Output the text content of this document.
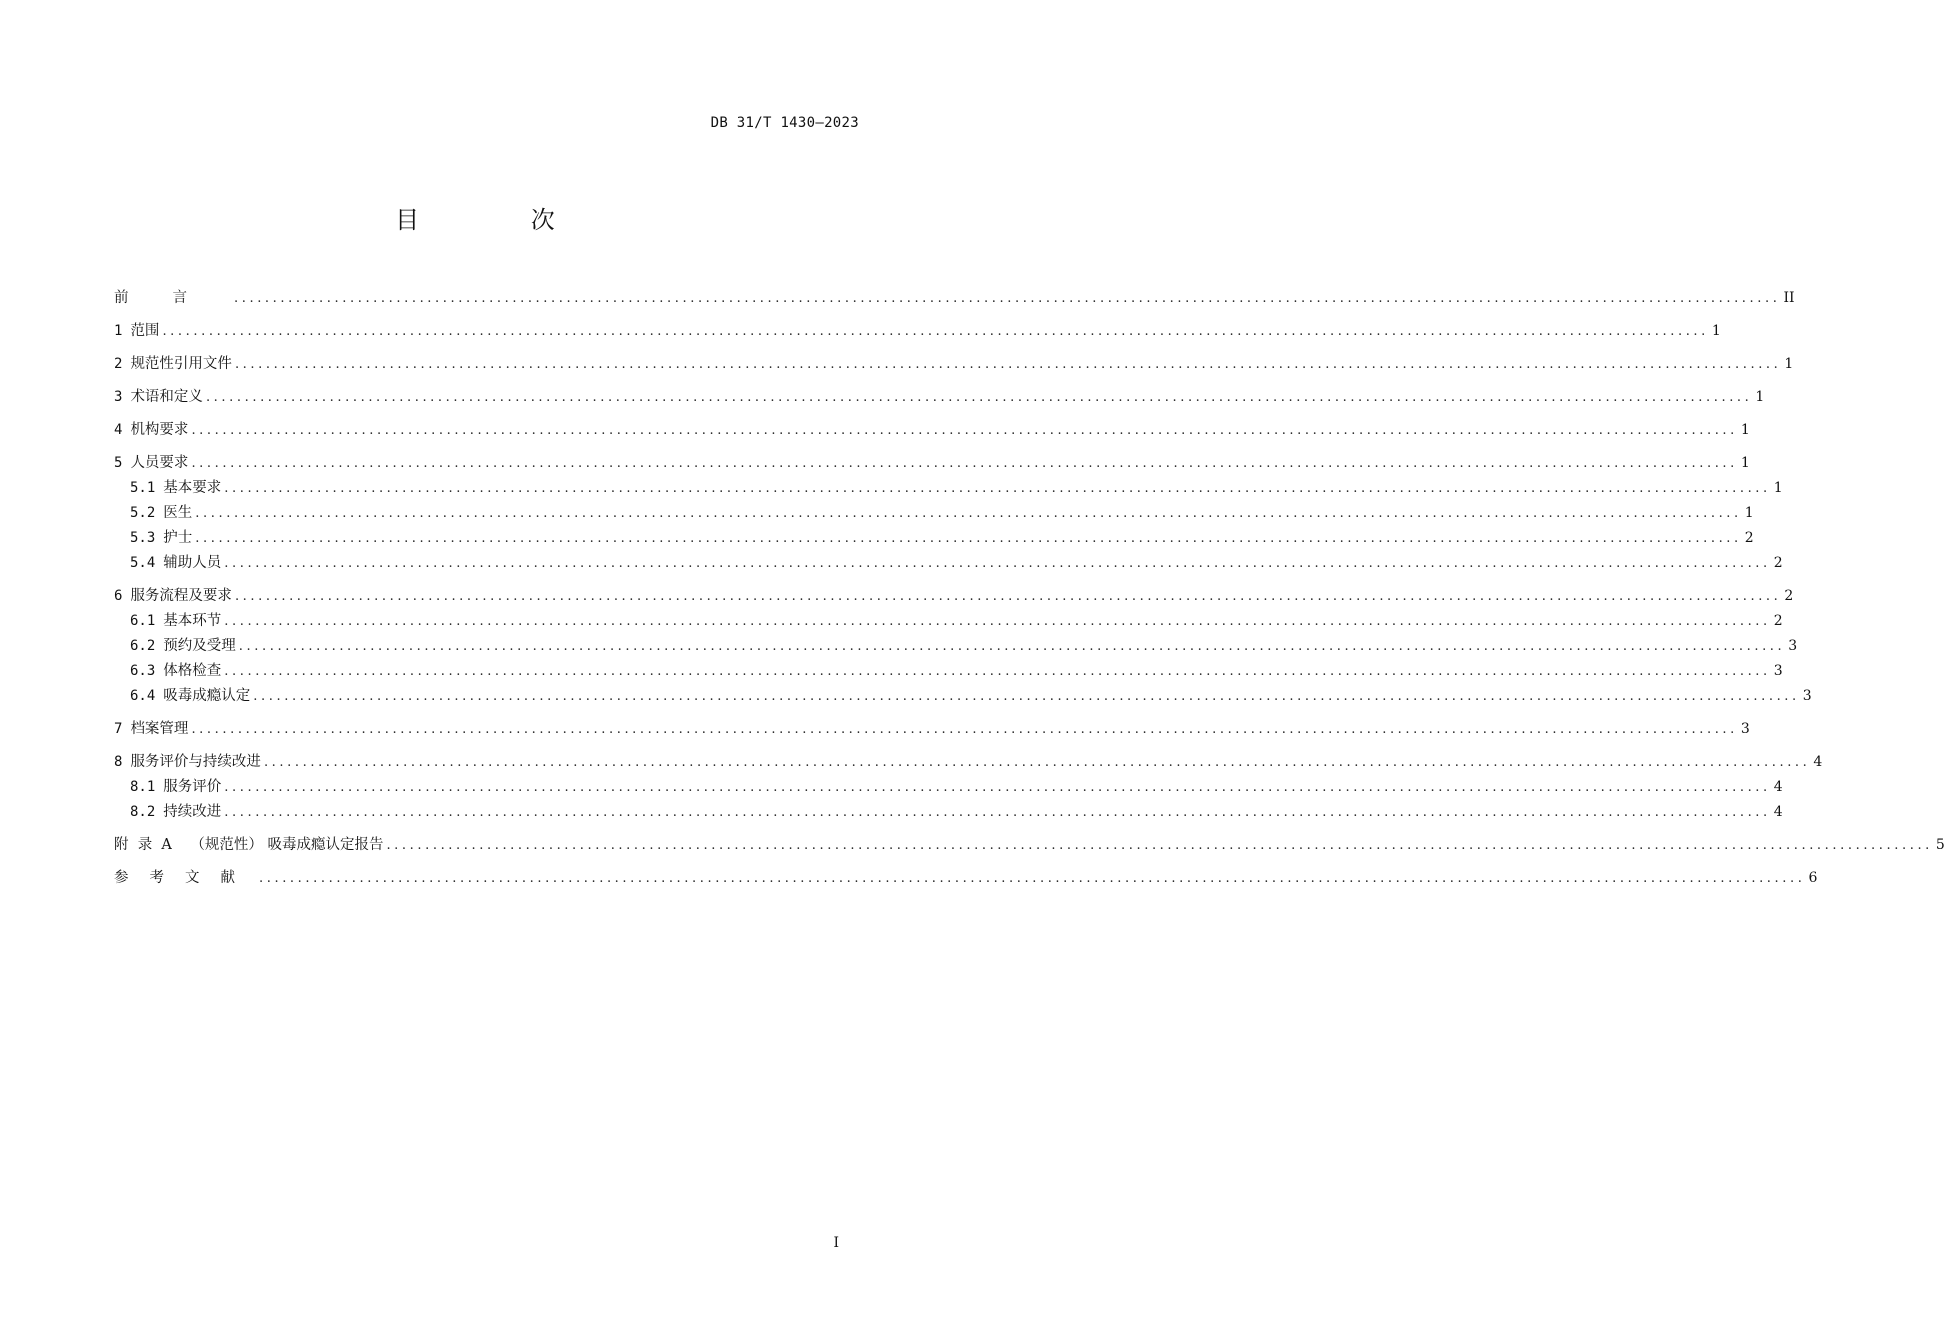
DB 31/T 1430—2023
目 次
前言 ........................................................................................................................................................................................................ II
1 范围 ........................................................................................................................................................................................................ 1
2 规范性引用文件 ........................................................................................................................................................................................................ 1
3 术语和定义 ........................................................................................................................................................................................................ 1
4 机构要求 ........................................................................................................................................................................................................ 1
5 人员要求 ........................................................................................................................................................................................................ 1
5.1 基本要求 ........................................................................................................................................................................................................ 1
5.2 医生 ........................................................................................................................................................................................................ 1
5.3 护士 ........................................................................................................................................................................................................ 2
5.4 辅助人员 ........................................................................................................................................................................................................ 2
6 服务流程及要求 ........................................................................................................................................................................................................ 2
6.1 基本环节 ........................................................................................................................................................................................................ 2
6.2 预约及受理 ........................................................................................................................................................................................................ 3
6.3 体格检查 ........................................................................................................................................................................................................ 3
6.4 吸毒成瘾认定 ........................................................................................................................................................................................................ 3
7 档案管理 ........................................................................................................................................................................................................ 3
8 服务评价与持续改进 ........................................................................................................................................................................................................ 4
8.1 服务评价 ........................................................................................................................................................................................................ 4
8.2 持续改进 ........................................................................................................................................................................................................ 4
附  录  A    （规范性） 吸毒成瘾认定报告 ........................................................................................................................................................................................................ 5
参考文献 ........................................................................................................................................................................................................ 6
I
